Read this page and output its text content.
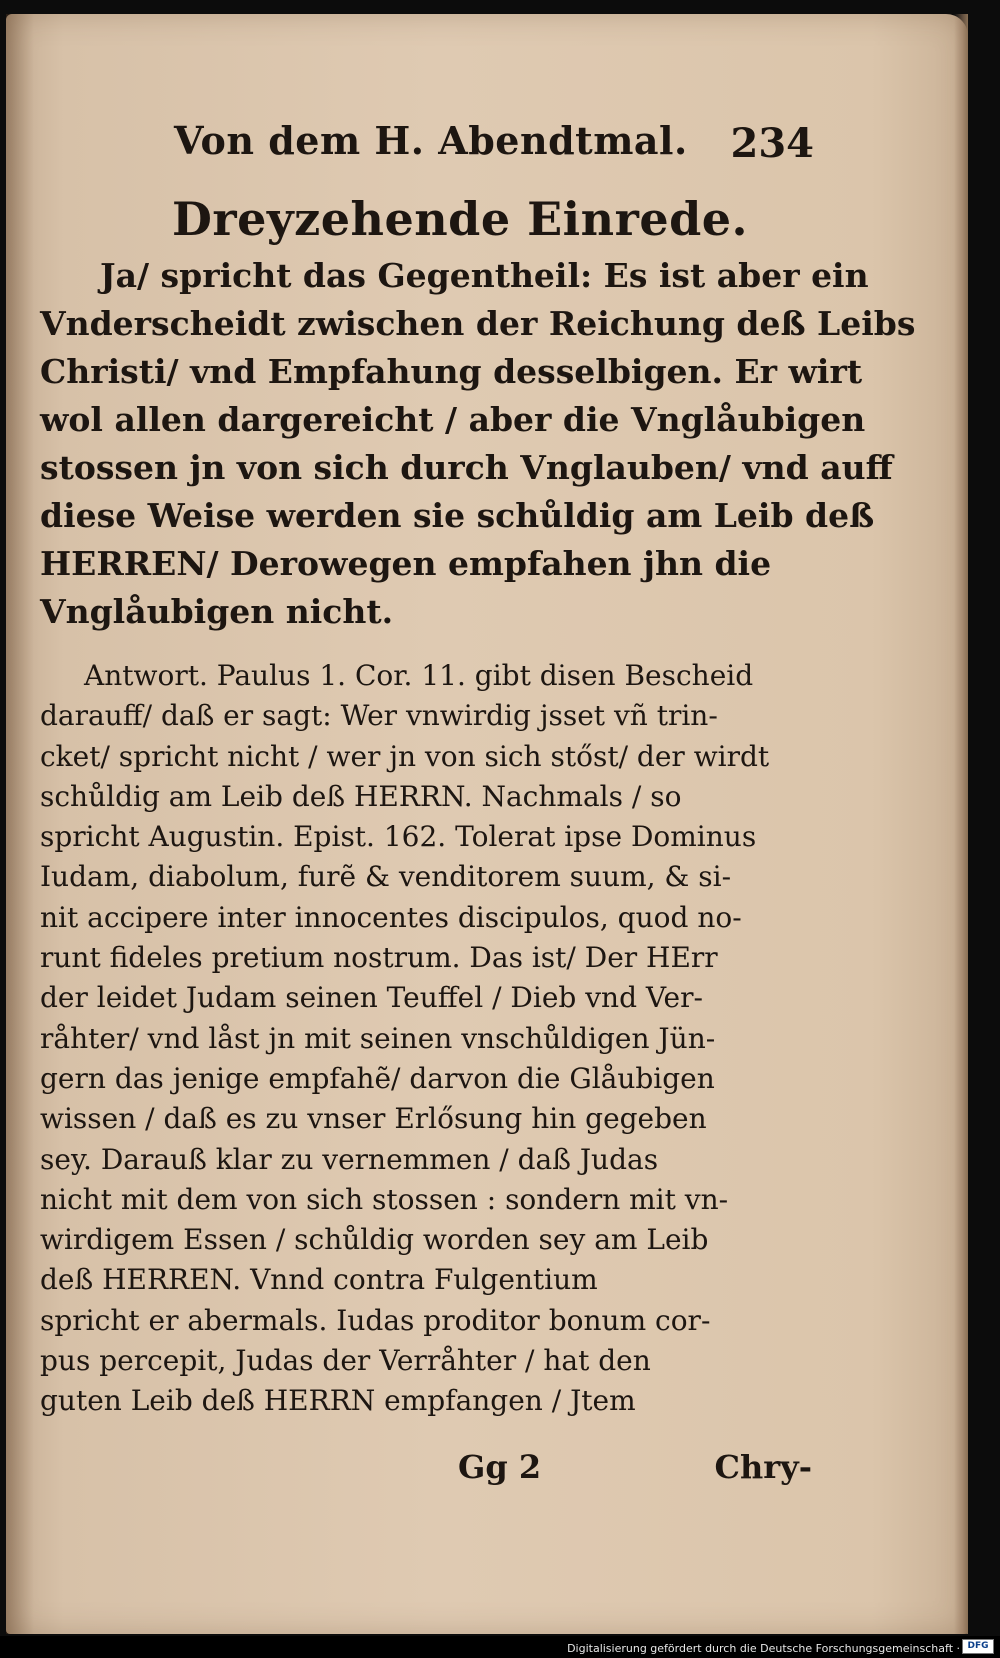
Von dem H. Abendtmal. 234
Dreyzehende Einrede.
Ja/ spricht das Gegentheil: Es ist aber ein
Vnderscheidt zwischen der Reichung deß Leibs
Christi/ vnd Empfahung desselbigen. Er wirt
wol allen dargereicht / aber die Vnglåubigen
stossen jn von sich durch Vnglauben/ vnd auff
diese Weise werden sie schůldig am Leib deß
HERREN/ Derowegen empfahen jhn die
Vnglåubigen nicht.
Antwort. Paulus 1. Cor. 11. gibt disen Bescheid
darauff/ daß er sagt: Wer vnwirdig jsset vñ trin-
cket/ spricht nicht / wer jn von sich stőst/ der wirdt
schůldig am Leib deß HERRN. Nachmals / so
spricht Augustin. Epist. 162. Tolerat ipse Dominus
Iudam, diabolum, furẽ & venditorem suum, & si-
nit accipere inter innocentes discipulos, quod no-
runt fideles pretium nostrum. Das ist/ Der HErr
der leidet Judam seinen Teuffel / Dieb vnd Ver-
råhter/ vnd låst jn mit seinen vnschůldigen Jün-
gern das jenige empfahẽ/ darvon die Glåubigen
wissen / daß es zu vnser Erlősung hin gegeben
sey. Darauß klar zu vernemmen / daß Judas
nicht mit dem von sich stossen : sondern mit vn-
wirdigem Essen / schůldig worden sey am Leib
deß HERREN. Vnnd contra Fulgentium
spricht er abermals. Iudas proditor bonum cor-
pus percepit, Judas der Verråhter / hat den
guten Leib deß HERRN empfangen / Jtem
Gg 2	Chry-
Digitalisierung gefördert durch die Deutsche Forschungsgemeinschaft · DFG
